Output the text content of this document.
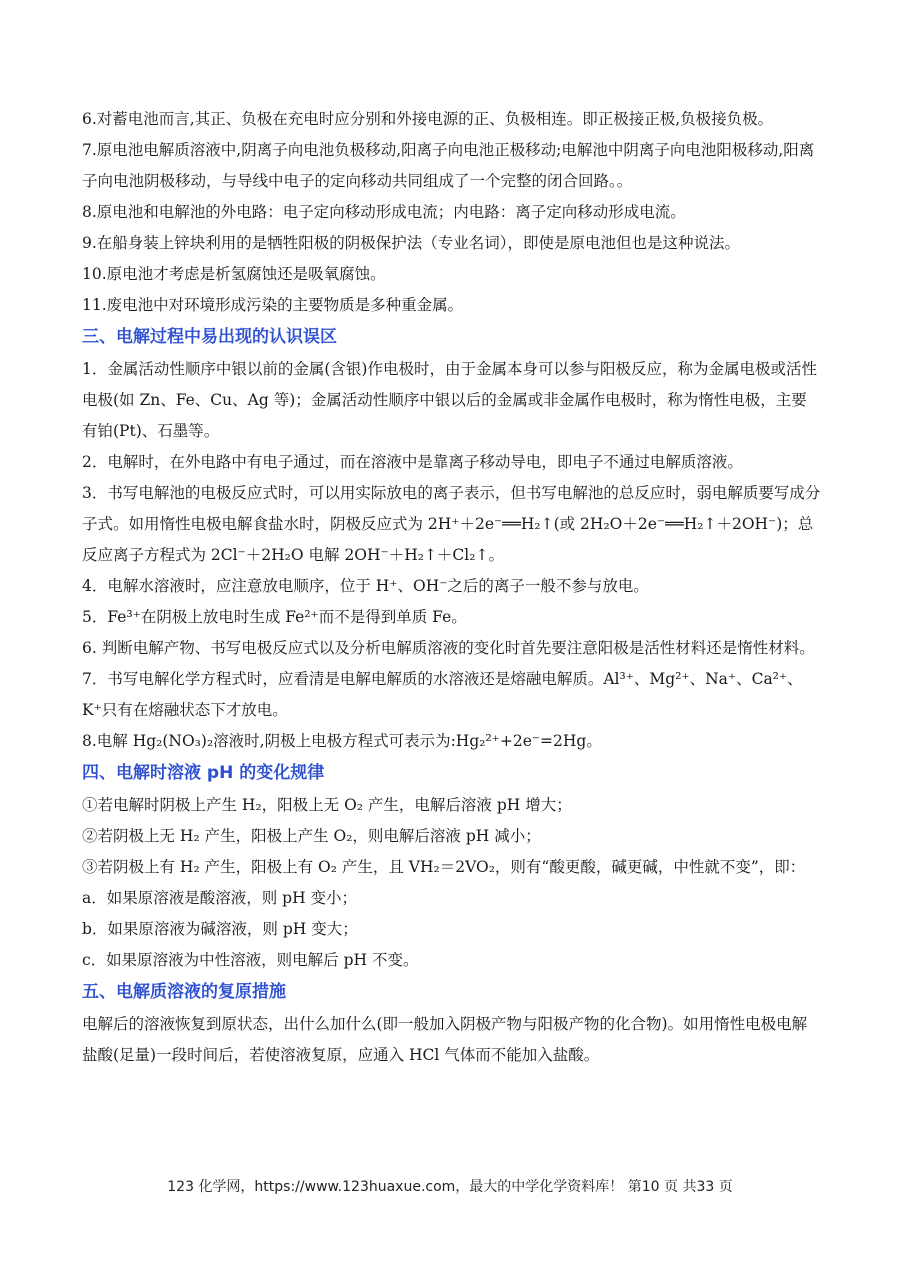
6.对蓄电池而言,其正、负极在充电时应分别和外接电源的正、负极相连。即正极接正极,负极接负极。

7.原电池电解质溶液中,阴离子向电池负极移动,阳离子向电池正极移动;电解池中阴离子向电池阳极移动,阳离子向电池阴极移动，与导线中电子的定向移动共同组成了一个完整的闭合回路。。

8.原电池和电解池的外电路：电子定向移动形成电流；内电路：离子定向移动形成电流。

9.在船身装上锌块利用的是牺牲阳极的阴极保护法（专业名词），即使是原电池但也是这种说法。

10.原电池才考虑是析氢腐蚀还是吸氧腐蚀。

11.废电池中对环境形成污染的主要物质是多种重金属。

三、电解过程中易出现的认识误区

1．金属活动性顺序中银以前的金属(含银)作电极时，由于金属本身可以参与阳极反应，称为金属电极或活性电极(如 Zn、Fe、Cu、Ag 等)；金属活动性顺序中银以后的金属或非金属作电极时，称为惰性电极，主要有铂(Pt)、石墨等。

2．电解时，在外电路中有电子通过，而在溶液中是靠离子移动导电，即电子不通过电解质溶液。

3．书写电解池的电极反应式时，可以用实际放电的离子表示，但书写电解池的总反应时，弱电解质要写成分子式。如用惰性电极电解食盐水时，阴极反应式为 2H⁺＋2e⁻══H₂↑(或 2H₂O＋2e⁻══H₂↑＋2OH⁻)；总反应离子方程式为 2Cl⁻＋2H₂O 电解 2OH⁻＋H₂↑＋Cl₂↑。

4．电解水溶液时，应注意放电顺序，位于 H⁺、OH⁻之后的离子一般不参与放电。

5．Fe³⁺在阴极上放电时生成 Fe²⁺而不是得到单质 Fe。

6. 判断电解产物、书写电极反应式以及分析电解质溶液的变化时首先要注意阳极是活性材料还是惰性材料。

7．书写电解化学方程式时，应看清是电解电解质的水溶液还是熔融电解质。Al³⁺、Mg²⁺、Na⁺、Ca²⁺、K⁺只有在熔融状态下才放电。

8.电解 Hg₂(NO₃)₂溶液时,阴极上电极方程式可表示为:Hg₂²⁺+2e⁻=2Hg。

四、电解时溶液 pH 的变化规律

①若电解时阴极上产生 H₂，阳极上无 O₂ 产生，电解后溶液 pH 增大；

②若阴极上无 H₂ 产生，阳极上产生 O₂，则电解后溶液 pH 减小；

③若阴极上有 H₂ 产生，阳极上有 O₂ 产生，且 VH₂＝2VO₂，则有“酸更酸，碱更碱，中性就不变”，即：

a．如果原溶液是酸溶液，则 pH 变小；

b．如果原溶液为碱溶液，则 pH 变大；

c．如果原溶液为中性溶液，则电解后 pH 不变。

五、电解质溶液的复原措施

电解后的溶液恢复到原状态，出什么加什么(即一般加入阴极产物与阳极产物的化合物)。如用惰性电极电解盐酸(足量)一段时间后，若使溶液复原，应通入 HCl 气体而不能加入盐酸。

123 化学网，https://www.123huaxue.com，最大的中学化学资料库！ 第10 页 共33 页
